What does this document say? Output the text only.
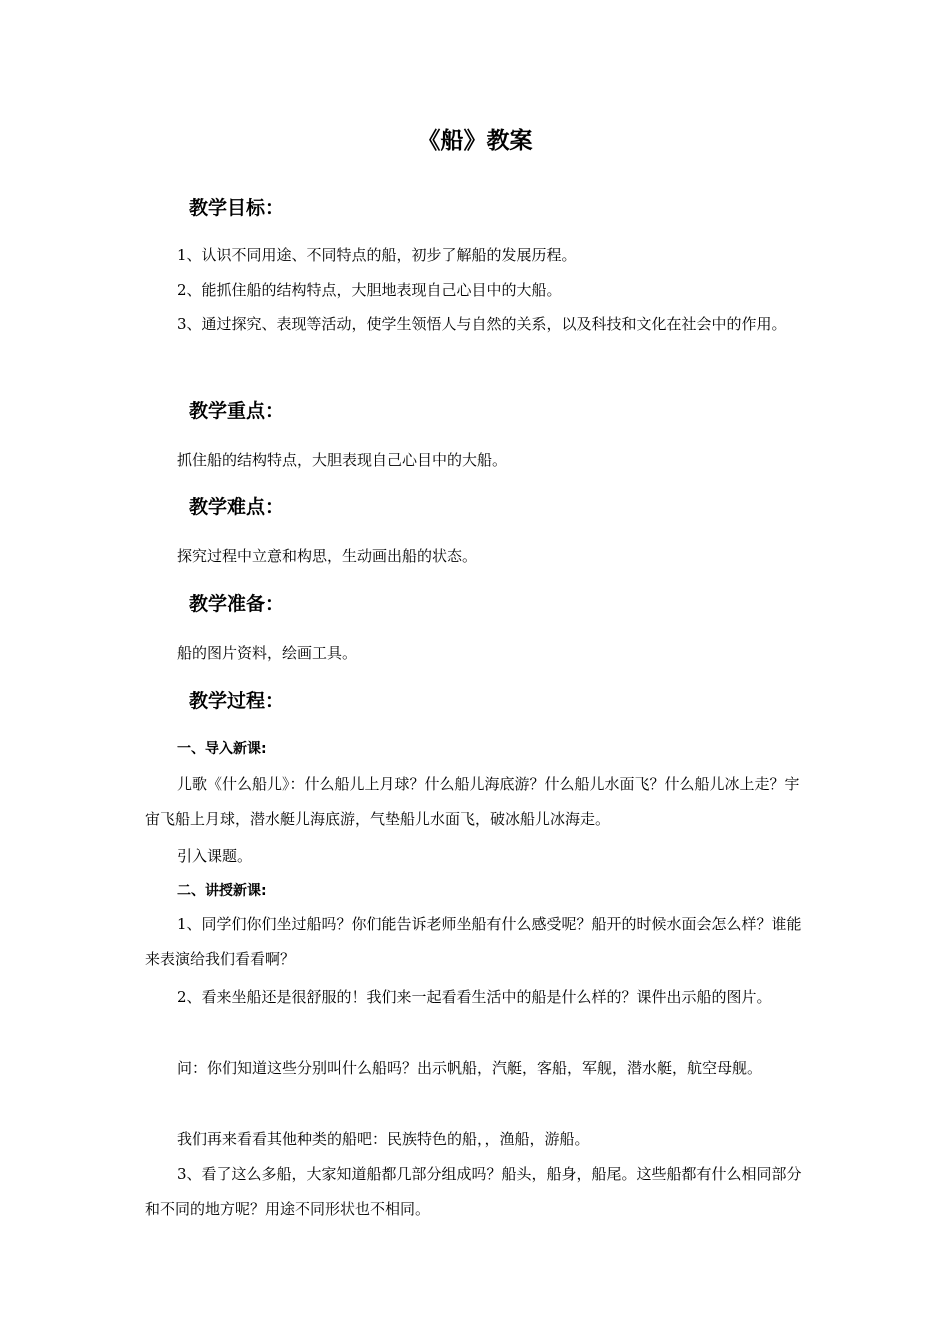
《船》教案
教学目标：

1、认识不同用途、不同特点的船，初步了解船的发展历程。

2、能抓住船的结构特点，大胆地表现自己心目中的大船。

3、通过探究、表现等活动，使学生领悟人与自然的关系，以及科技和文化在社会中的作用。

教学重点：

抓住船的结构特点，大胆表现自己心目中的大船。

教学难点：

探究过程中立意和构思，生动画出船的状态。

教学准备：

船的图片资料，绘画工具。

教学过程：
一、导入新课:

儿歌《什么船儿》：什么船儿上月球？什么船儿海底游？什么船儿水面飞？什么船儿冰上走？宇宙飞船上月球，潜水艇儿海底游，气垫船儿水面飞，破冰船儿冰海走。

引入课题。

二、讲授新课:

1、同学们你们坐过船吗？你们能告诉老师坐船有什么感受呢？船开的时候水面会怎么样？谁能来表演给我们看看啊？

2、看来坐船还是很舒服的！我们来一起看看生活中的船是什么样的？课件出示船的图片。

问：你们知道这些分别叫什么船吗？出示帆船，汽艇，客船，军舰，潜水艇，航空母舰。

我们再来看看其他种类的船吧：民族特色的船，，渔船，游船。

3、看了这么多船，大家知道船都几部分组成吗？船头，船身，船尾。这些船都有什么相同部分和不同的地方呢？用途不同形状也不相同。
